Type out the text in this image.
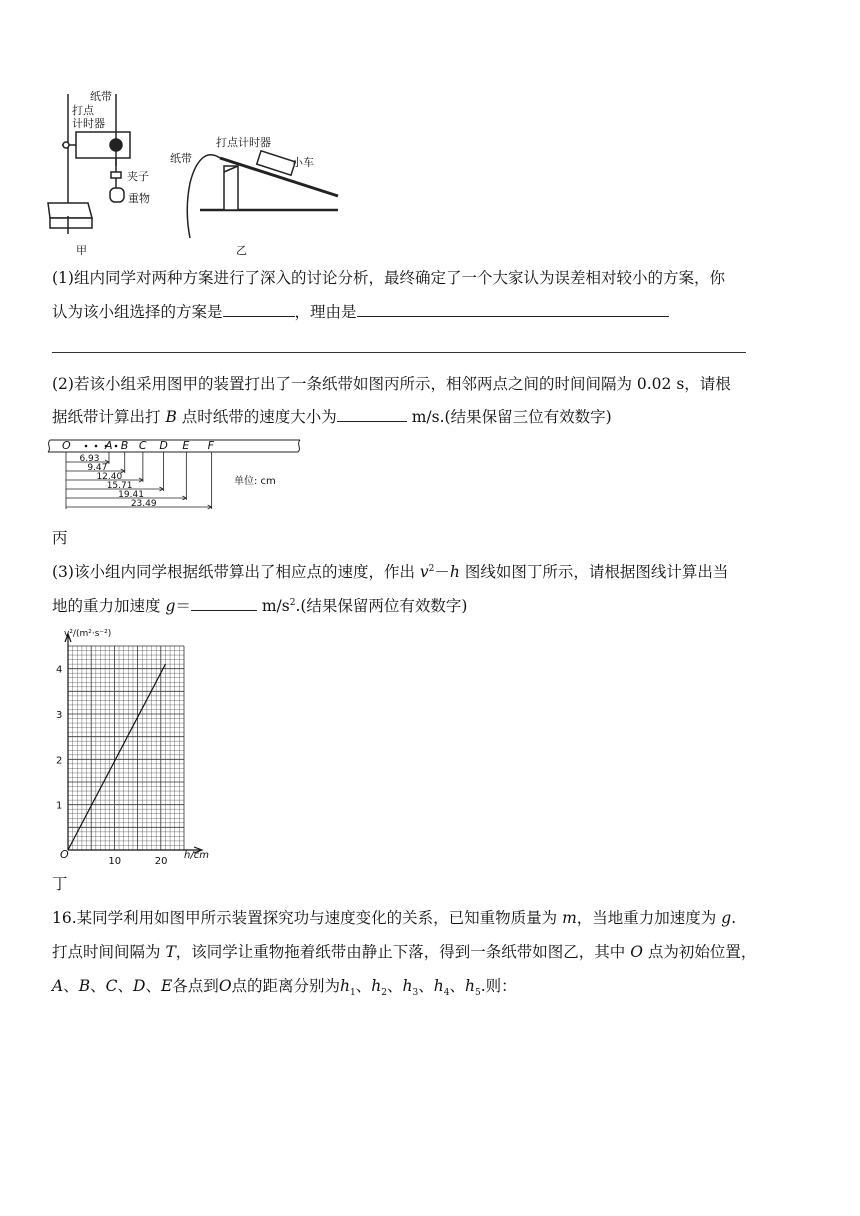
纸带
打点
计时器
夹子
重物
甲
打点计时器
纸带	小车
乙
(1)组内同学对两种方案进行了深入的讨论分析，最终确定了一个大家认为误差相对较小的方案，你
认为该小组选择的方案是	，理由是
(2)若该小组采用图甲的装置打出了一条纸带如图丙所示，相邻两点之间的时间间隔为 0.02 s，请根
据纸带计算出打 B 点时纸带的速度大小为	m/s.(结果保留三位有效数字)
O	A B C D E F
6.93
9.47
12.40
15.71
19.41
23.49
单位: cm
丙
(3)该小组内同学根据纸带算出了相应点的速度，作出 $v^2-h$ 图线如图丁所示，请根据图线计算出当
地的重力加速度 g＝	$m/s^2$.(结果保留两位有效数字)
10	20
1
2
3
4
v²/(m²·s⁻²)
h/cm
O
丁
16.某同学利用如图甲所示装置探究功与速度变化的关系，已知重物质量为 m，当地重力加速度为 g.
打点时间间隔为 T，该同学让重物拖着纸带由静止下落，得到一条纸带如图乙，其中 O 点为初始位置，
A、B、C、D、E各点到O点的距离分别为$h_1$、$h_2$、$h_3$、$h_4$、$h_5$.则：
